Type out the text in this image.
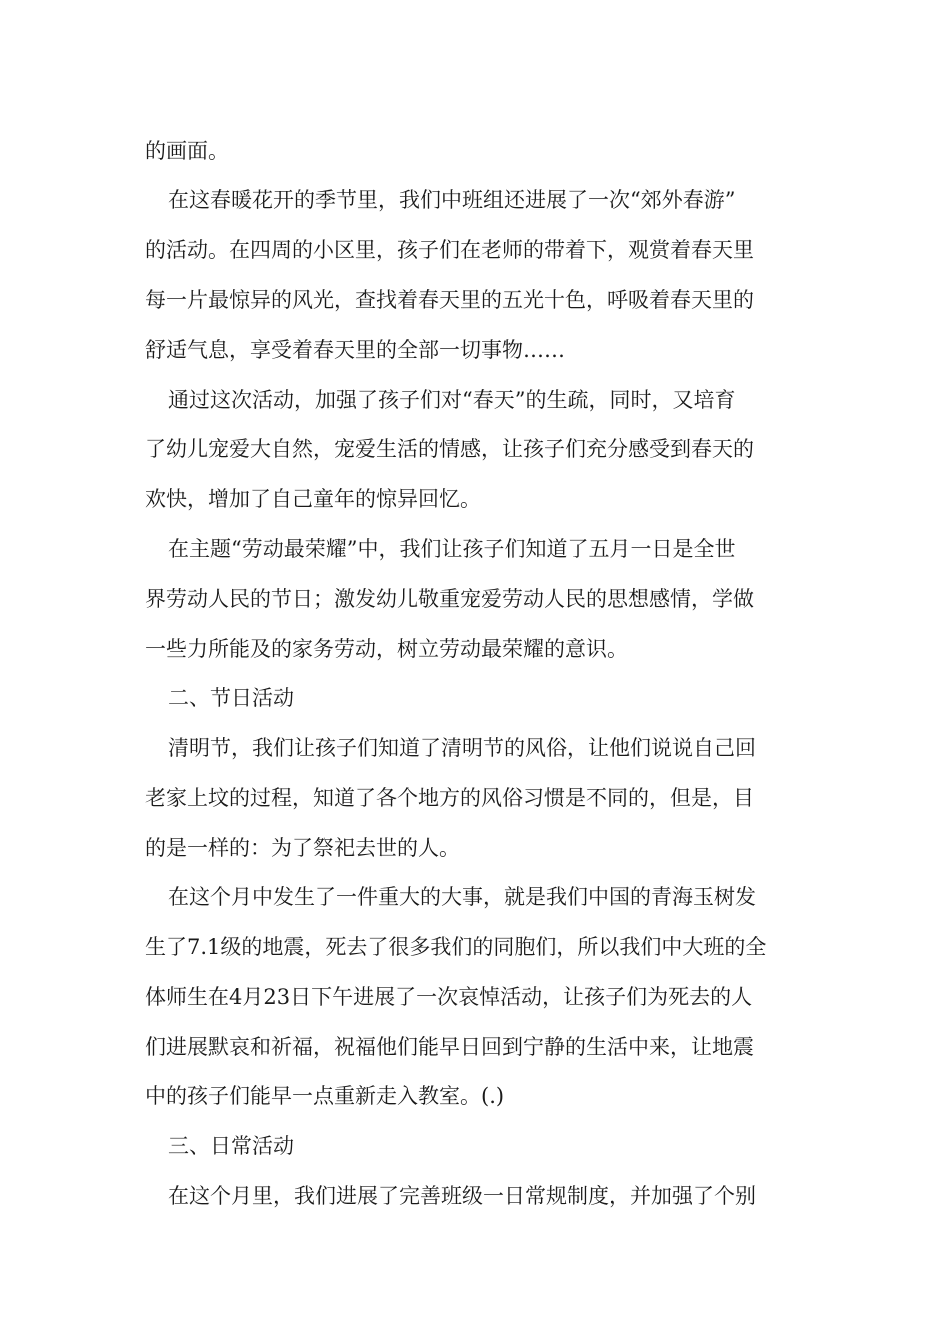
的画面。
在这春暖花开的季节里，我们中班组还进展了一次“郊外春游”
的活动。在四周的小区里，孩子们在老师的带着下，观赏着春天里
每一片最惊异的风光，查找着春天里的五光十色，呼吸着春天里的
舒适气息，享受着春天里的全部一切事物……
通过这次活动，加强了孩子们对“春天”的生疏，同时，又培育
了幼儿宠爱大自然，宠爱生活的情感，让孩子们充分感受到春天的
欢快，增加了自己童年的惊异回忆。
在主题“劳动最荣耀”中，我们让孩子们知道了五月一日是全世
界劳动人民的节日；激发幼儿敬重宠爱劳动人民的思想感情，学做
一些力所能及的家务劳动，树立劳动最荣耀的意识。
二、节日活动
清明节，我们让孩子们知道了清明节的风俗，让他们说说自己回
老家上坟的过程，知道了各个地方的风俗习惯是不同的，但是，目
的是一样的：为了祭祀去世的人。
在这个月中发生了一件重大的大事，就是我们中国的青海玉树发
生了7.1级的地震，死去了很多我们的同胞们，所以我们中大班的全
体师生在4月23日下午进展了一次哀悼活动，让孩子们为死去的人
们进展默哀和祈福，祝福他们能早日回到宁静的生活中来，让地震
中的孩子们能早一点重新走入教室。(.)
三、日常活动
在这个月里，我们进展了完善班级一日常规制度，并加强了个别
